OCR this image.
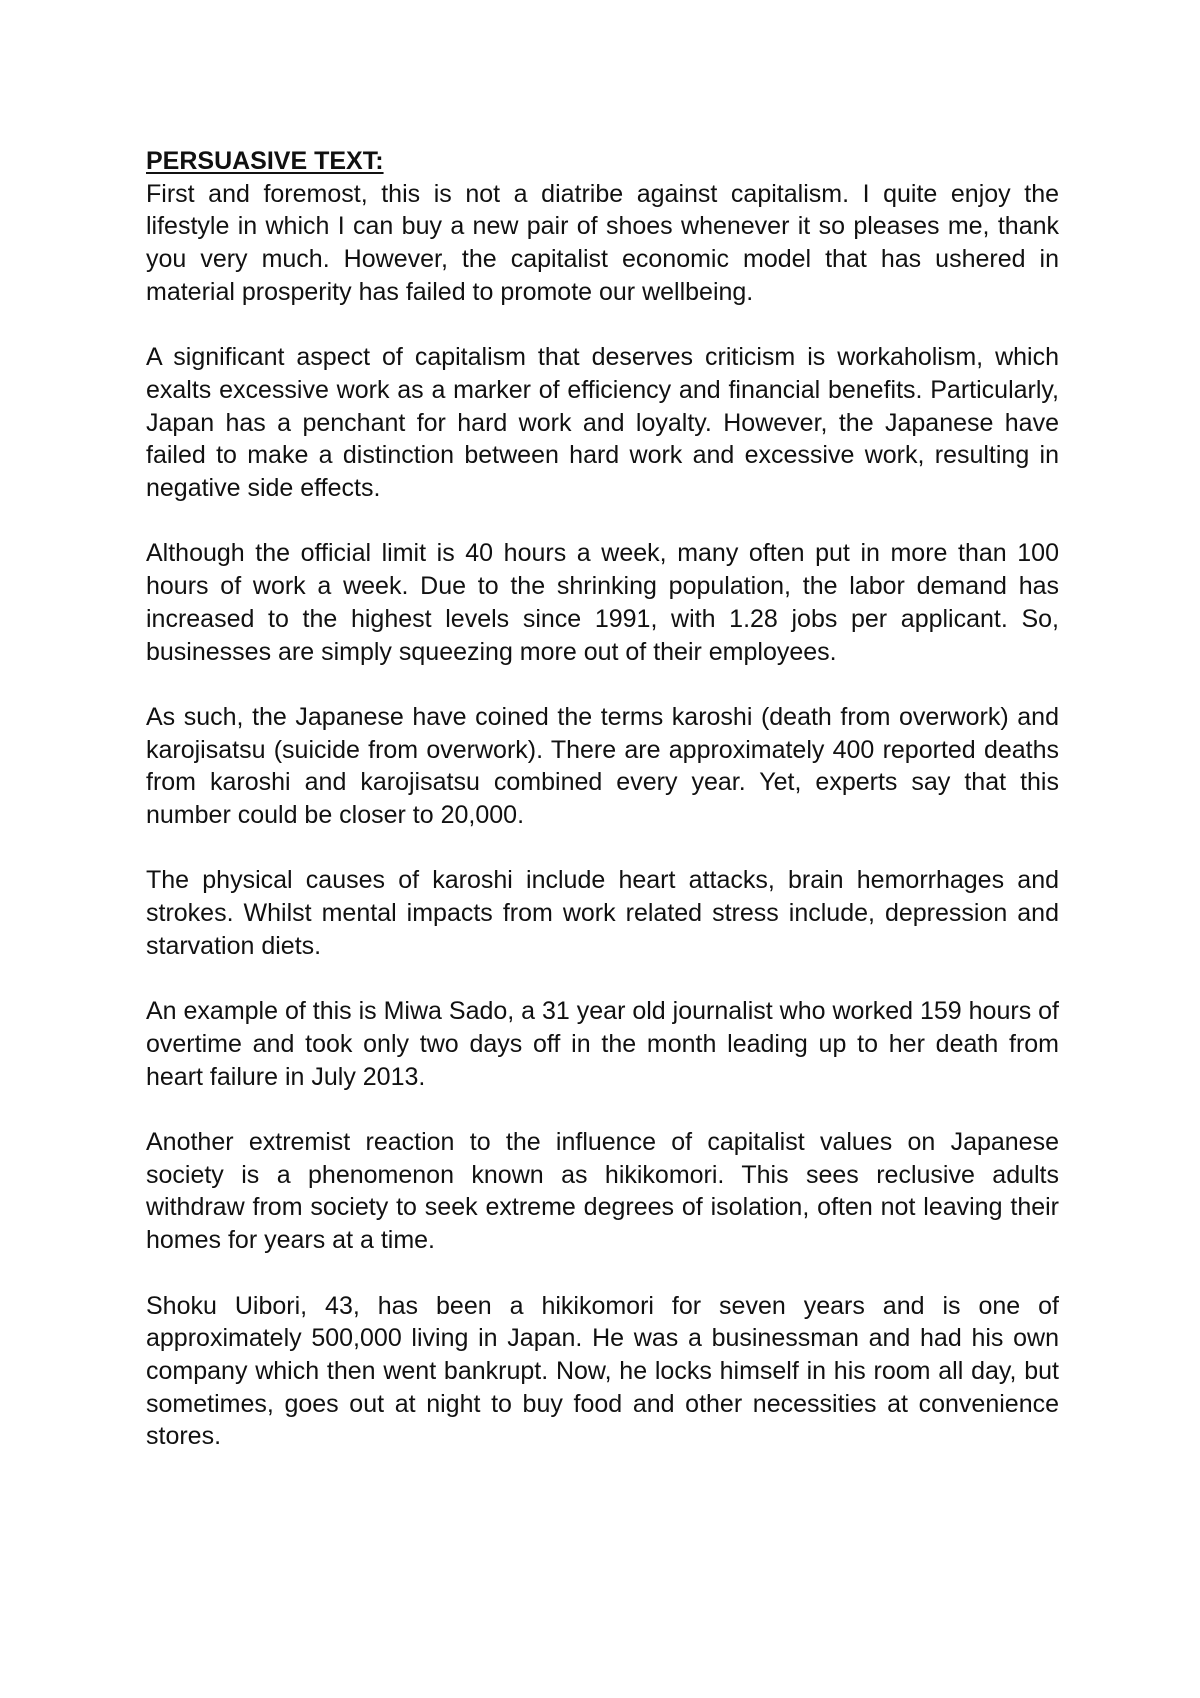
PERSUASIVE TEXT:

First and foremost, this is not a diatribe against capitalism. I quite enjoy the lifestyle in which I can buy a new pair of shoes whenever it so pleases me, thank you very much. However, the capitalist economic model that has ushered in material prosperity has failed to promote our wellbeing.

A significant aspect of capitalism that deserves criticism is workaholism, which exalts excessive work as a marker of efficiency and financial benefits. Particularly, Japan has a penchant for hard work and loyalty. However, the Japanese have failed to make a distinction between hard work and excessive work, resulting in negative side effects.

Although the official limit is 40 hours a week, many often put in more than 100 hours of work a week. Due to the shrinking population, the labor demand has increased to the highest levels since 1991, with 1.28 jobs per applicant. So, businesses are simply squeezing more out of their employees.

As such, the Japanese have coined the terms karoshi (death from overwork) and karojisatsu (suicide from overwork). There are approximately 400 reported deaths from karoshi and karojisatsu combined every year. Yet, experts say that this number could be closer to 20,000.

The physical causes of karoshi include heart attacks, brain hemorrhages and strokes. Whilst mental impacts from work related stress include, depression and starvation diets.

An example of this is Miwa Sado, a 31 year old journalist who worked 159 hours of overtime and took only two days off in the month leading up to her death from heart failure in July 2013.

Another extremist reaction to the influence of capitalist values on Japanese society is a phenomenon known as hikikomori. This sees reclusive adults withdraw from society to seek extreme degrees of isolation, often not leaving their homes for years at a time.

Shoku Uibori, 43, has been a hikikomori for seven years and is one of approximately 500,000 living in Japan. He was a businessman and had his own company which then went bankrupt. Now, he locks himself in his room all day, but sometimes, goes out at night to buy food and other necessities at convenience stores.
